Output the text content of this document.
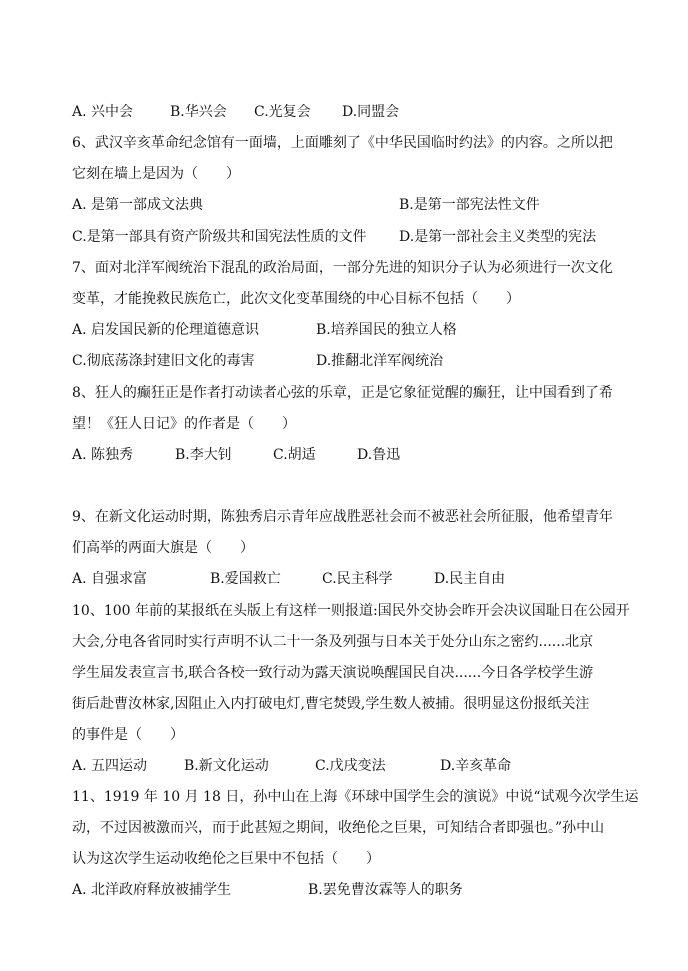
A. 兴中会	B.华兴会 C.光复会 D.同盟会
6、武汉辛亥革命纪念馆有一面墙，上面雕刻了《中华民国临时约法》的内容。之所以把
它刻在墙上是因为（　　）
A. 是第一部成文法典	B.是第一部宪法性文件
C.是第一部具有资产阶级共和国宪法性质的文件 D.是第一部社会主义类型的宪法
7、面对北洋军阀统治下混乱的政治局面，一部分先进的知识分子认为必须进行一次文化
变革，才能挽救民族危亡，此次文化变革围绕的中心目标不包括（　　）
A. 启发国民新的伦理道德意识	B.培养国民的独立人格
C.彻底荡涤封建旧文化的毒害	D.推翻北洋军阀统治
8、狂人的癫狂正是作者打动读者心弦的乐章，正是它象征觉醒的癫狂，让中国看到了希
望！《狂人日记》的作者是（　　）
A. 陈独秀	B.李大钊	C.胡适	D.鲁迅
9、在新文化运动时期，陈独秀启示青年应战胜恶社会而不被恶社会所征服，他希望青年
们高举的两面大旗是（　　）
A. 自强求富	B.爱国救亡	C.民主科学	D.民主自由
10、100 年前的某报纸在头版上有这样一则报道:国民外交协会昨开会决议国耻日在公园开
大会,分电各省同时实行声明不认二十一条及列强与日本关于处分山东之密约......北京
学生届发表宣言书,联合各校一致行动为露天演说唤醒国民自决......今日各学校学生游
街后赴曹汝林家,因阻止入内打破电灯,曹宅焚毁,学生数人被捕。很明显这份报纸关注
的事件是（　　）
A. 五四运动	B.新文化运动	C.戊戌变法	D.辛亥革命
11、1919 年 10 月 18 日，孙中山在上海《环球中国学生会的演说》中说“试观今次学生运
动，不过因被激而兴，而于此甚短之期间，收绝伦之巨果，可知结合者即强也。”孙中山
认为这次学生运动收绝伦之巨果中不包括（　　）
A. 北洋政府释放被捕学生	B.罢免曹汝霖等人的职务
